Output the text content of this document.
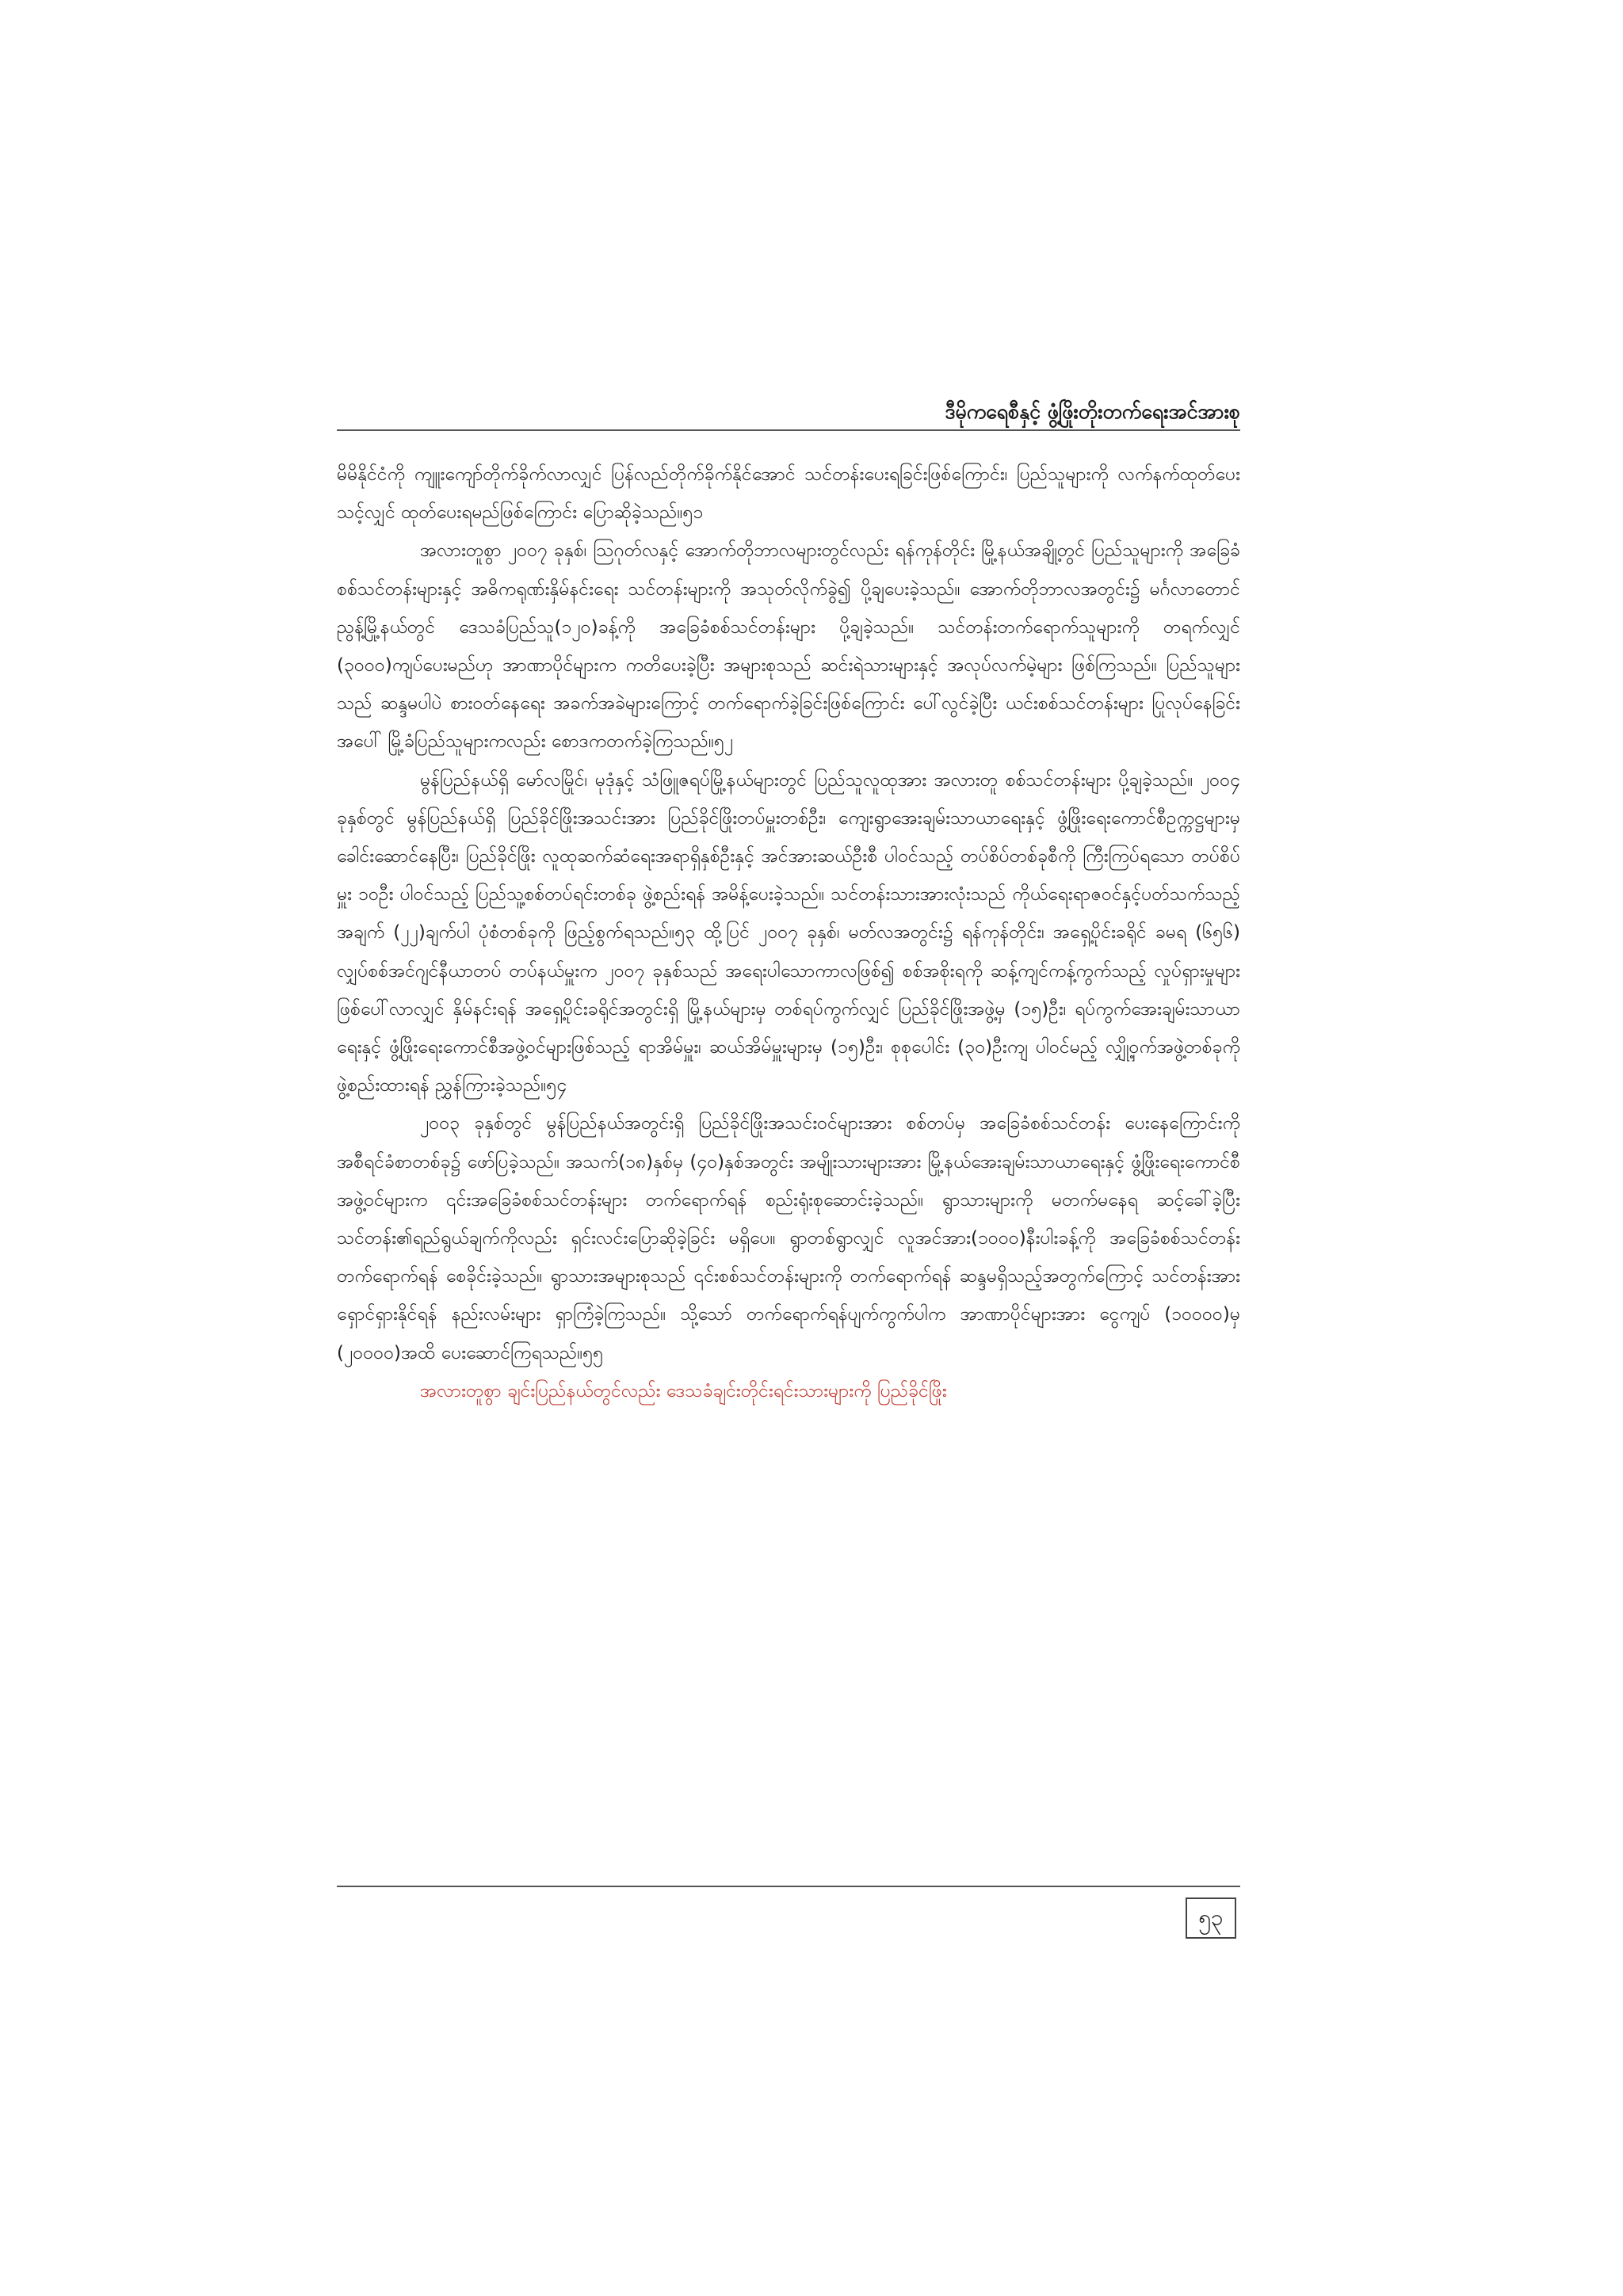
ဒီမိုကရေစီနှင့် ဖွံ့ဖြိုးတိုးတက်ရေးအင်အားစု

မိမိနိုင်ငံကို ကျူးကျော်တိုက်ခိုက်လာလျှင် ပြန်လည်တိုက်ခိုက်နိုင်အောင် သင်တန်းပေးရခြင်းဖြစ်ကြောင်း၊ ပြည်သူများကို လက်နက်ထုတ်ပေးသင့်လျှင် ထုတ်ပေးရမည်ဖြစ်ကြောင်း ပြောဆိုခဲ့သည်။၅၁

အလားတူစွာ ၂၀၀၇ ခုနှစ်၊ ဩဂုတ်လနှင့် အောက်တိုဘာလများတွင်လည်း ရန်ကုန်တိုင်း မြို့နယ်အချို့တွင် ပြည်သူများကို အခြေခံစစ်သင်တန်းများနှင့် အဓိကရုဏ်းနှိမ်နင်းရေး သင်တန်းများကို အသုတ်လိုက်ခွဲ၍ ပို့ချပေးခဲ့သည်။ အောက်တိုဘာလအတွင်း၌ မင်္ဂလာတောင်ညွန့်မြို့နယ်တွင် ဒေသခံပြည်သူ(၁၂၀)ခန့်ကို အခြေခံစစ်သင်တန်းများ ပို့ချခဲ့သည်။ သင်တန်းတက်ရောက်သူများကို တရက်လျှင် (၃၀၀၀)ကျပ်ပေးမည်ဟု အာဏာပိုင်များက ကတိပေးခဲ့ပြီး အများစုသည် ဆင်းရဲသားများနှင့် အလုပ်လက်မဲ့များ ဖြစ်ကြသည်။ ပြည်သူများသည် ဆန္ဒမပါပဲ စားဝတ်နေရေး အခက်အခဲများကြောင့် တက်ရောက်ခဲ့ခြင်းဖြစ်ကြောင်း ပေါ်လွင်ခဲ့ပြီး ယင်းစစ်သင်တန်းများ ပြုလုပ်နေခြင်းအပေါ် မြို့ခံပြည်သူများကလည်း စောဒကတက်ခဲ့ကြသည်။၅၂

မွန်ပြည်နယ်ရှိ မော်လမြိုင်၊ မုဒုံနှင့် သံဖြူဇရပ်မြို့နယ်များတွင် ပြည်သူလူထုအား အလားတူ စစ်သင်တန်းများ ပို့ချခဲ့သည်။ ၂၀၀၄ ခုနှစ်တွင် မွန်ပြည်နယ်ရှိ ပြည်ခိုင်ဖြိုးအသင်းအား ပြည်ခိုင်ဖြိုးတပ်မှူးတစ်ဦး၊ ကျေးရွာအေးချမ်းသာယာရေးနှင့် ဖွံ့ဖြိုးရေးကောင်စီဥက္ကဋ္ဌများမှ ခေါင်းဆောင်နေပြီး၊ ပြည်ခိုင်ဖြိုး လူထုဆက်ဆံရေးအရာရှိနှစ်ဦးနှင့် အင်အားဆယ်ဦးစီ ပါဝင်သည့် တပ်စိပ်တစ်ခုစီကို ကြီးကြပ်ရသော တပ်စိပ်မှူး ၁၀ဦး ပါဝင်သည့် ပြည်သူ့စစ်တပ်ရင်းတစ်ခု ဖွဲ့စည်းရန် အမိန့်ပေးခဲ့သည်။ သင်တန်းသားအားလုံးသည် ကိုယ်ရေးရာဇဝင်နှင့်ပတ်သက်သည့် အချက် (၂၂)ချက်ပါ ပုံစံတစ်ခုကို ဖြည့်စွက်ရသည်။၅၃ ထို့ပြင် ၂၀၀၇ ခုနှစ်၊ မတ်လအတွင်း၌ ရန်ကုန်တိုင်း၊ အရှေ့ပိုင်းခရိုင် ခမရ (၆၅၆) လျှပ်စစ်အင်ဂျင်နီယာတပ် တပ်နယ်မှူးက ၂၀၀၇ ခုနှစ်သည် အရေးပါသောကာလဖြစ်၍ စစ်အစိုးရကို ဆန့်ကျင်ကန့်ကွက်သည့် လှုပ်ရှားမှုများဖြစ်ပေါ်လာလျှင် နှိမ်နင်းရန် အရှေ့ပိုင်းခရိုင်အတွင်းရှိ မြို့နယ်များမှ တစ်ရပ်ကွက်လျှင် ပြည်ခိုင်ဖြိုးအဖွဲ့မှ (၁၅)ဦး၊ ရပ်ကွက်အေးချမ်းသာယာရေးနှင့် ဖွံ့ဖြိုးရေးကောင်စီအဖွဲ့ဝင်များဖြစ်သည့် ရာအိမ်မှူး၊ ဆယ်အိမ်မှူးများမှ (၁၅)ဦး၊ စုစုပေါင်း (၃၀)ဦးကျ ပါဝင်မည့် လျှို့ဝှက်အဖွဲ့တစ်ခုကို ဖွဲ့စည်းထားရန် ညွှန်ကြားခဲ့သည်။၅၄

၂၀၀၃ ခုနှစ်တွင် မွန်ပြည်နယ်အတွင်းရှိ ပြည်ခိုင်ဖြိုးအသင်းဝင်များအား စစ်တပ်မှ အခြေခံစစ်သင်တန်း ပေးနေကြောင်းကို အစီရင်ခံစာတစ်ခု၌ ဖော်ပြခဲ့သည်။ အသက်(၁၈)နှစ်မှ (၄၀)နှစ်အတွင်း အမျိုးသားများအား မြို့နယ်အေးချမ်းသာယာရေးနှင့် ဖွံ့ဖြိုးရေးကောင်စီအဖွဲ့ဝင်များက ၎င်းအခြေခံစစ်သင်တန်းများ တက်ရောက်ရန် စည်းရုံးစုဆောင်းခဲ့သည်။ ရွာသားများကို မတက်မနေရ ဆင့်ခေါ်ခဲ့ပြီး သင်တန်း၏ရည်ရွယ်ချက်ကိုလည်း ရှင်းလင်းပြောဆိုခဲ့ခြင်း မရှိပေ။ ရွာတစ်ရွာလျှင် လူအင်အား(၁၀၀၀)နီးပါးခန့်ကို အခြေခံစစ်သင်တန်း တက်ရောက်ရန် စေခိုင်းခဲ့သည်။ ရွာသားအများစုသည် ၎င်းစစ်သင်တန်းများကို တက်ရောက်ရန် ဆန္ဒမရှိသည့်အတွက်ကြောင့် သင်တန်းအား ရှောင်ရှားနိုင်ရန် နည်းလမ်းများ ရှာကြံခဲ့ကြသည်။ သို့သော် တက်ရောက်ရန်ပျက်ကွက်ပါက အာဏာပိုင်များအား ငွေကျပ် (၁၀၀၀၀)မှ (၂၀၀၀၀)အထိ ပေးဆောင်ကြရသည်။၅၅

အလားတူစွာ ချင်းပြည်နယ်တွင်လည်း ဒေသခံချင်းတိုင်းရင်းသားများကို ပြည်ခိုင်ဖြိုး

၅၃
